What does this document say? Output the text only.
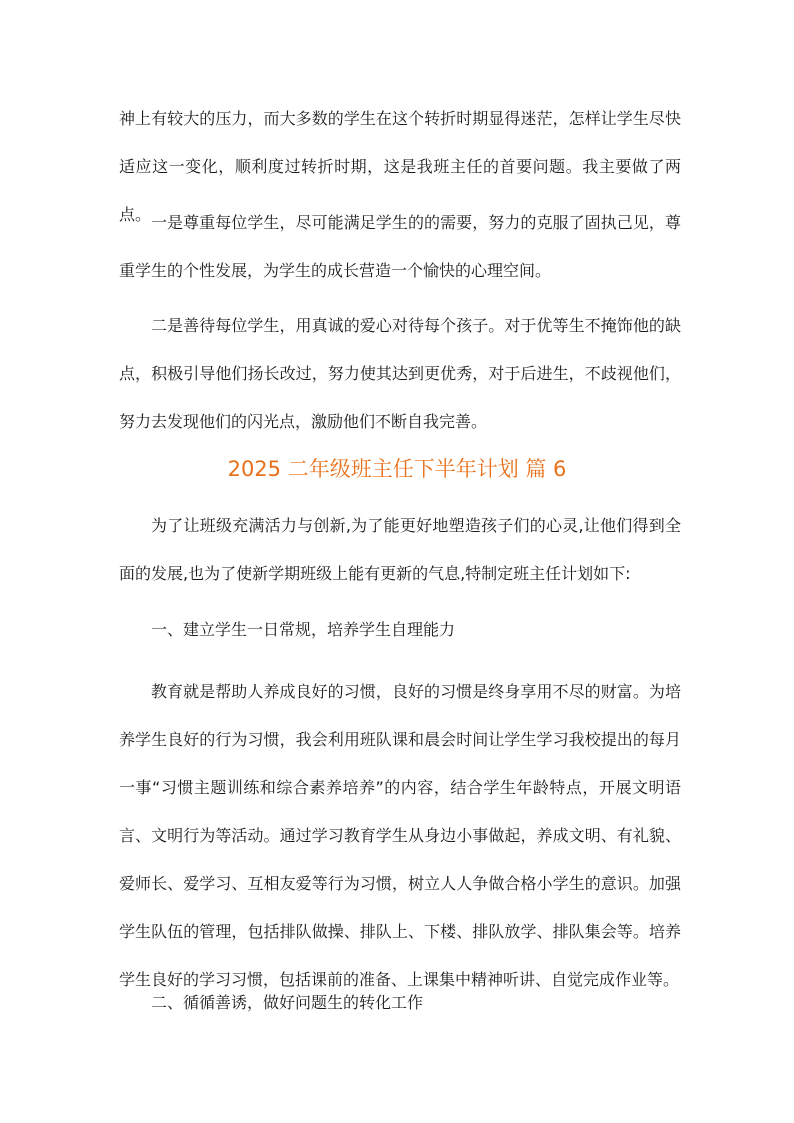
神上有较大的压力，而大多数的学生在这个转折时期显得迷茫，怎样让学生尽快适应这一变化，顺利度过转折时期，这是我班主任的首要问题。我主要做了两点。 一是尊重每位学生，尽可能满足学生的的需要，努力的克服了固执己见，尊重学生的个性发展，为学生的成长营造一个愉快的心理空间。

二是善待每位学生，用真诚的爱心对待每个孩子。对于优等生不掩饰他的缺点，积极引导他们扬长改过，努力使其达到更优秀，对于后进生，不歧视他们，努力去发现他们的闪光点，激励他们不断自我完善。

2025 二年级班主任下半年计划 篇 6

为了让班级充满活力与创新,为了能更好地塑造孩子们的心灵,让他们得到全面的发展,也为了使新学期班级上能有更新的气息,特制定班主任计划如下:

一、建立学生一日常规，培养学生自理能力

教育就是帮助人养成良好的习惯，良好的习惯是终身享用不尽的财富。为培养学生良好的行为习惯，我会利用班队课和晨会时间让学生学习我校提出的每月一事“习惯主题训练和综合素养培养”的内容，结合学生年龄特点，开展文明语言、文明行为等活动。通过学习教育学生从身边小事做起，养成文明、有礼貌、爱师长、爱学习、互相友爱等行为习惯，树立人人争做合格小学生的意识。加强学生队伍的管理，包括排队做操、排队上、下楼、排队放学、排队集会等。培养学生良好的学习习惯，包括课前的准备、上课集中精神听讲、自觉完成作业等。

二、循循善诱，做好问题生的转化工作
